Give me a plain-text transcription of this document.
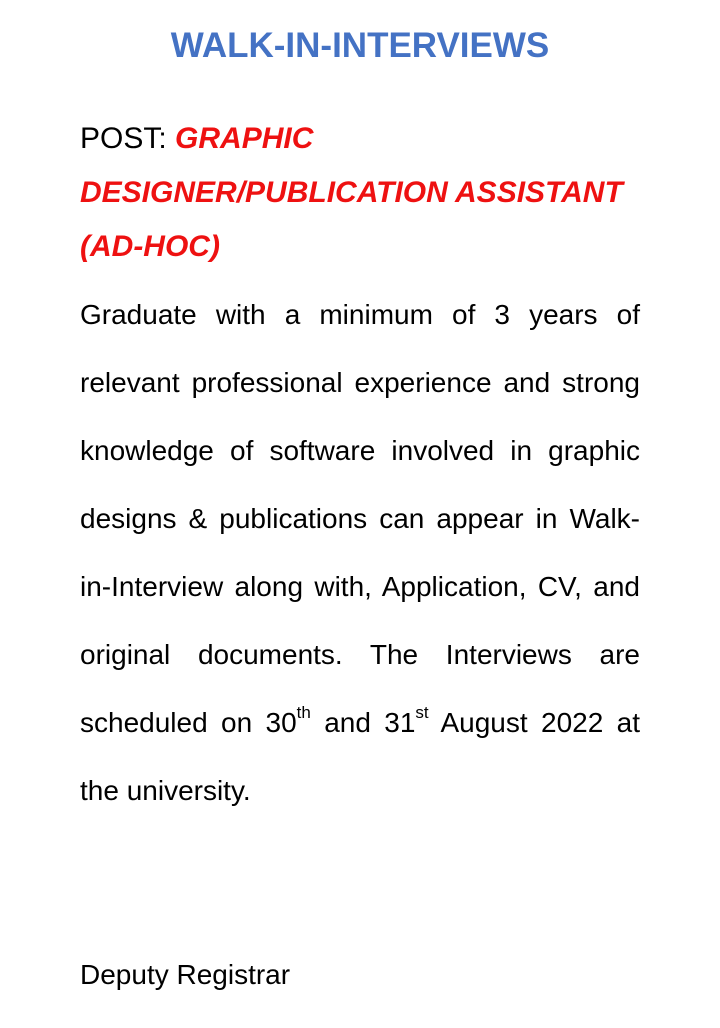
WALK-IN-INTERVIEWS
POST: GRAPHIC DESIGNER/PUBLICATION ASSISTANT (AD-HOC)
Graduate with a minimum of 3 years of relevant professional experience and strong knowledge of software involved in graphic designs & publications can appear in Walk-in-Interview along with, Application, CV, and original documents. The Interviews are scheduled on 30th and 31st August 2022 at the university.
Deputy Registrar
